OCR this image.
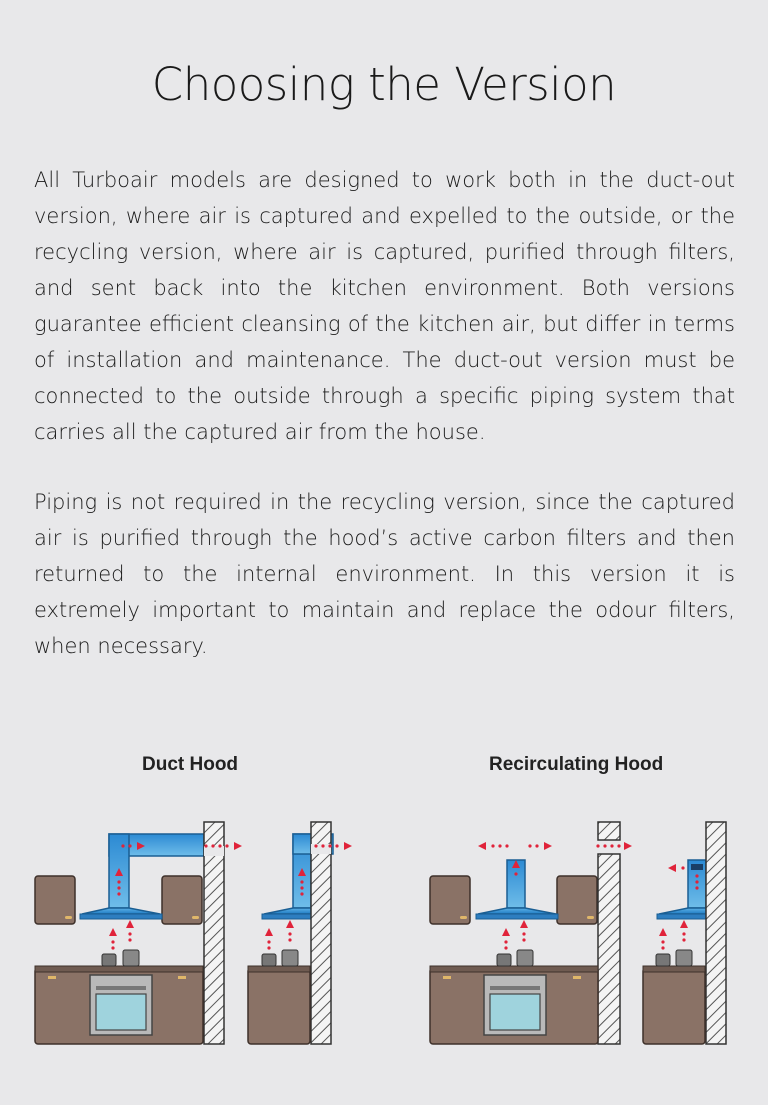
Choosing the Version

All Turboair models are designed to work both in the duct-out version, where air is captured and expelled to the outside, or the recycling version, where air is captured, purified through filters, and sent back into the kitchen environment. Both versions guarantee efficient cleansing of the kitchen air, but differ in terms of installation and maintenance. The duct-out version must be connected to the outside through a specific piping system that carries all the captured air from the house.

Piping is not required in the recycling version, since the captured air is purified through the hood’s active carbon filters and then returned to the internal environment. In this version it is extremely important to maintain and replace the odour filters, when necessary.

Duct Hood	Recirculating Hood
